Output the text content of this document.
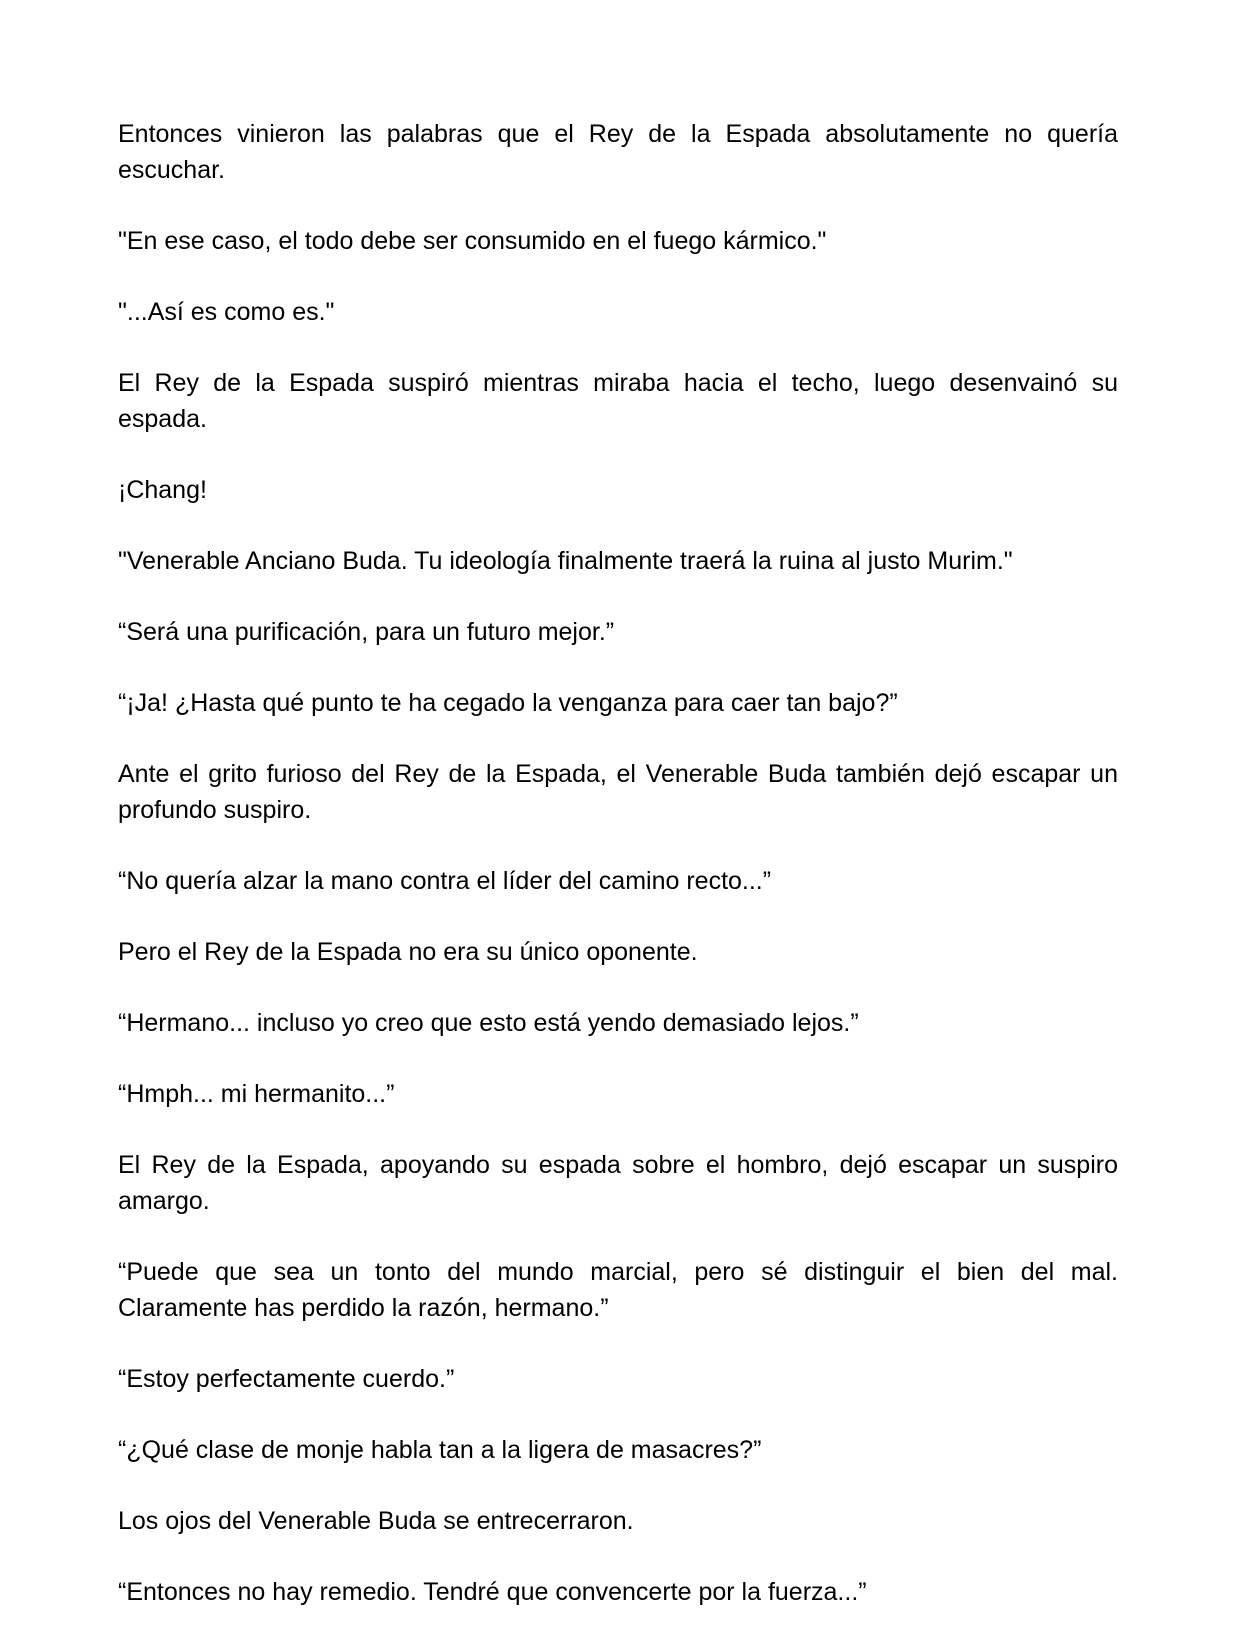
Entonces vinieron las palabras que el Rey de la Espada absolutamente no quería escuchar.

"En ese caso, el todo debe ser consumido en el fuego kármico."

"...Así es como es."

El Rey de la Espada suspiró mientras miraba hacia el techo, luego desenvainó su espada.

¡Chang!

"Venerable Anciano Buda. Tu ideología finalmente traerá la ruina al justo Murim."

“Será una purificación, para un futuro mejor.”

“¡Ja! ¿Hasta qué punto te ha cegado la venganza para caer tan bajo?”

Ante el grito furioso del Rey de la Espada, el Venerable Buda también dejó escapar un profundo suspiro.

“No quería alzar la mano contra el líder del camino recto...”

Pero el Rey de la Espada no era su único oponente.

“Hermano... incluso yo creo que esto está yendo demasiado lejos.”

“Hmph... mi hermanito...”

El Rey de la Espada, apoyando su espada sobre el hombro, dejó escapar un suspiro amargo.

“Puede que sea un tonto del mundo marcial, pero sé distinguir el bien del mal. Claramente has perdido la razón, hermano.”

“Estoy perfectamente cuerdo.”

“¿Qué clase de monje habla tan a la ligera de masacres?”

Los ojos del Venerable Buda se entrecerraron.

“Entonces no hay remedio. Tendré que convencerte por la fuerza...”
